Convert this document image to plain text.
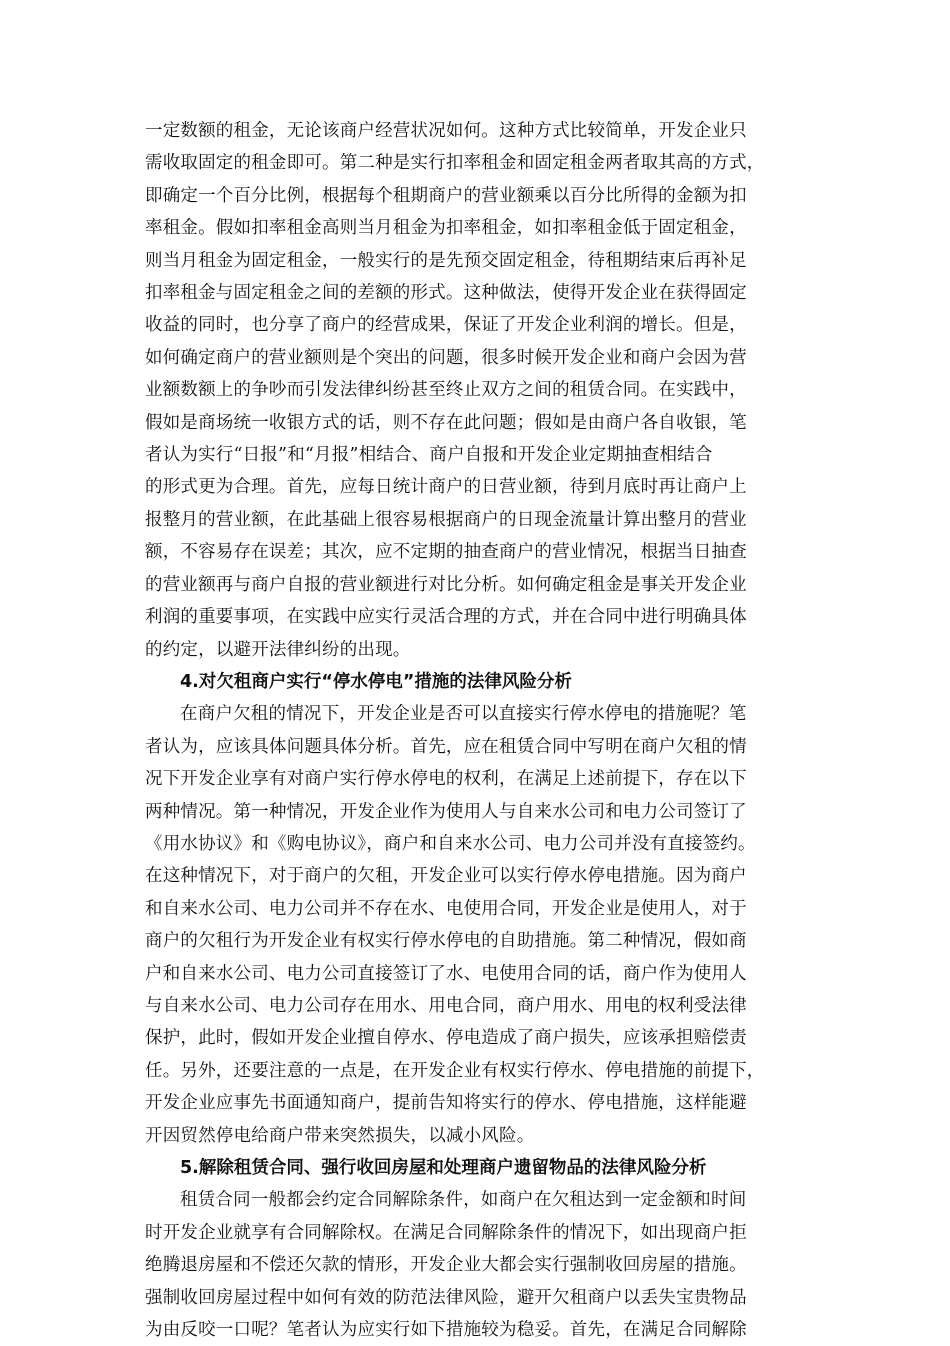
一定数额的租金，无论该商户经营状况如何。这种方式比较简单，开发企业只
需收取固定的租金即可。第二种是实行扣率租金和固定租金两者取其高的方式，
即确定一个百分比例，根据每个租期商户的营业额乘以百分比所得的金额为扣
率租金。假如扣率租金高则当月租金为扣率租金，如扣率租金低于固定租金，
则当月租金为固定租金，一般实行的是先预交固定租金，待租期结束后再补足
扣率租金与固定租金之间的差额的形式。这种做法，使得开发企业在获得固定
收益的同时，也分享了商户的经营成果，保证了开发企业利润的增长。但是，
如何确定商户的营业额则是个突出的问题，很多时候开发企业和商户会因为营
业额数额上的争吵而引发法律纠纷甚至终止双方之间的租赁合同。在实践中，
假如是商场统一收银方式的话，则不存在此问题；假如是由商户各自收银，笔
者认为实行“日报”和“月报”相结合、商户自报和开发企业定期抽查相结合
的形式更为合理。首先，应每日统计商户的日营业额，待到月底时再让商户上
报整月的营业额，在此基础上很容易根据商户的日现金流量计算出整月的营业
额，不容易存在误差；其次，应不定期的抽查商户的营业情况，根据当日抽查
的营业额再与商户自报的营业额进行对比分析。如何确定租金是事关开发企业
利润的重要事项，在实践中应实行灵活合理的方式，并在合同中进行明确具体
的约定，以避开法律纠纷的出现。

4.对欠租商户实行“停水停电”措施的法律风险分析

在商户欠租的情况下，开发企业是否可以直接实行停水停电的措施呢？笔
者认为，应该具体问题具体分析。首先，应在租赁合同中写明在商户欠租的情
况下开发企业享有对商户实行停水停电的权利，在满足上述前提下，存在以下
两种情况。第一种情况，开发企业作为使用人与自来水公司和电力公司签订了
《用水协议》和《购电协议》，商户和自来水公司、电力公司并没有直接签约。
在这种情况下，对于商户的欠租，开发企业可以实行停水停电措施。因为商户
和自来水公司、电力公司并不存在水、电使用合同，开发企业是使用人，对于
商户的欠租行为开发企业有权实行停水停电的自助措施。第二种情况，假如商
户和自来水公司、电力公司直接签订了水、电使用合同的话，商户作为使用人
与自来水公司、电力公司存在用水、用电合同，商户用水、用电的权利受法律
保护，此时，假如开发企业擅自停水、停电造成了商户损失，应该承担赔偿责
任。另外，还要注意的一点是，在开发企业有权实行停水、停电措施的前提下，
开发企业应事先书面通知商户，提前告知将实行的停水、停电措施，这样能避
开因贸然停电给商户带来突然损失，以减小风险。

5.解除租赁合同、强行收回房屋和处理商户遗留物品的法律风险分析

租赁合同一般都会约定合同解除条件，如商户在欠租达到一定金额和时间
时开发企业就享有合同解除权。在满足合同解除条件的情况下，如出现商户拒
绝腾退房屋和不偿还欠款的情形，开发企业大都会实行强制收回房屋的措施。
强制收回房屋过程中如何有效的防范法律风险，避开欠租商户以丢失宝贵物品
为由反咬一口呢？笔者认为应实行如下措施较为稳妥。首先，在满足合同解除
